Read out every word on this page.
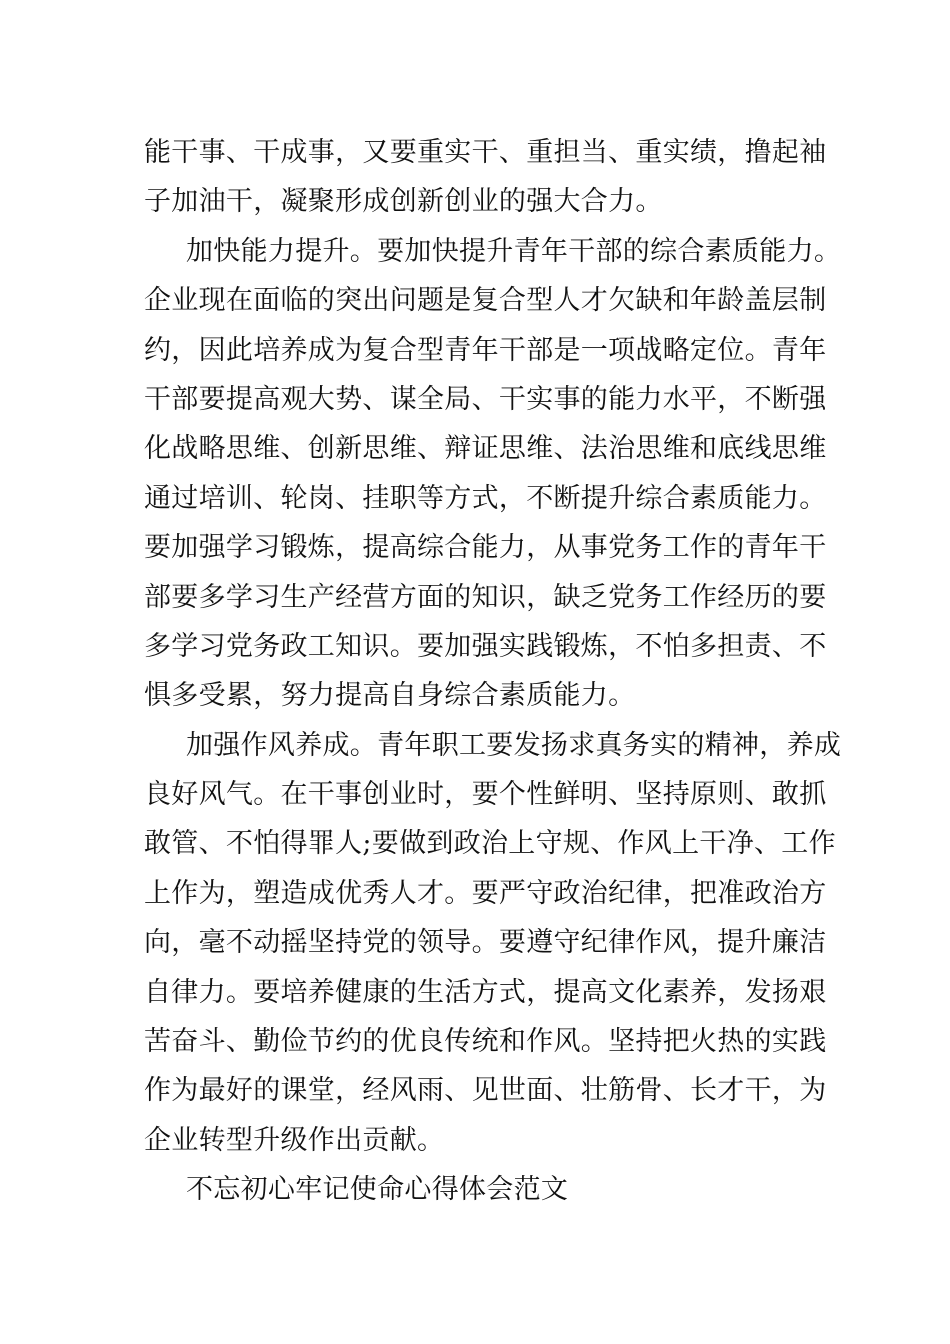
能干事、干成事，又要重实干、重担当、重实绩，撸起袖
子加油干，凝聚形成创新创业的强大合力。
加快能力提升。要加快提升青年干部的综合素质能力。
企业现在面临的突出问题是复合型人才欠缺和年龄盖层制
约，因此培养成为复合型青年干部是一项战略定位。青年
干部要提高观大势、谋全局、干实事的能力水平，不断强
化战略思维、创新思维、辩证思维、法治思维和底线思维
通过培训、轮岗、挂职等方式，不断提升综合素质能力。
要加强学习锻炼，提高综合能力，从事党务工作的青年干
部要多学习生产经营方面的知识，缺乏党务工作经历的要
多学习党务政工知识。要加强实践锻炼，不怕多担责、不
惧多受累，努力提高自身综合素质能力。
加强作风养成。青年职工要发扬求真务实的精神，养成
良好风气。在干事创业时，要个性鲜明、坚持原则、敢抓
敢管、不怕得罪人;要做到政治上守规、作风上干净、工作
上作为，塑造成优秀人才。要严守政治纪律，把准政治方
向，毫不动摇坚持党的领导。要遵守纪律作风，提升廉洁
自律力。要培养健康的生活方式，提高文化素养，发扬艰
苦奋斗、勤俭节约的优良传统和作风。坚持把火热的实践
作为最好的课堂，经风雨、见世面、壮筋骨、长才干，为
企业转型升级作出贡献。
不忘初心牢记使命心得体会范文
